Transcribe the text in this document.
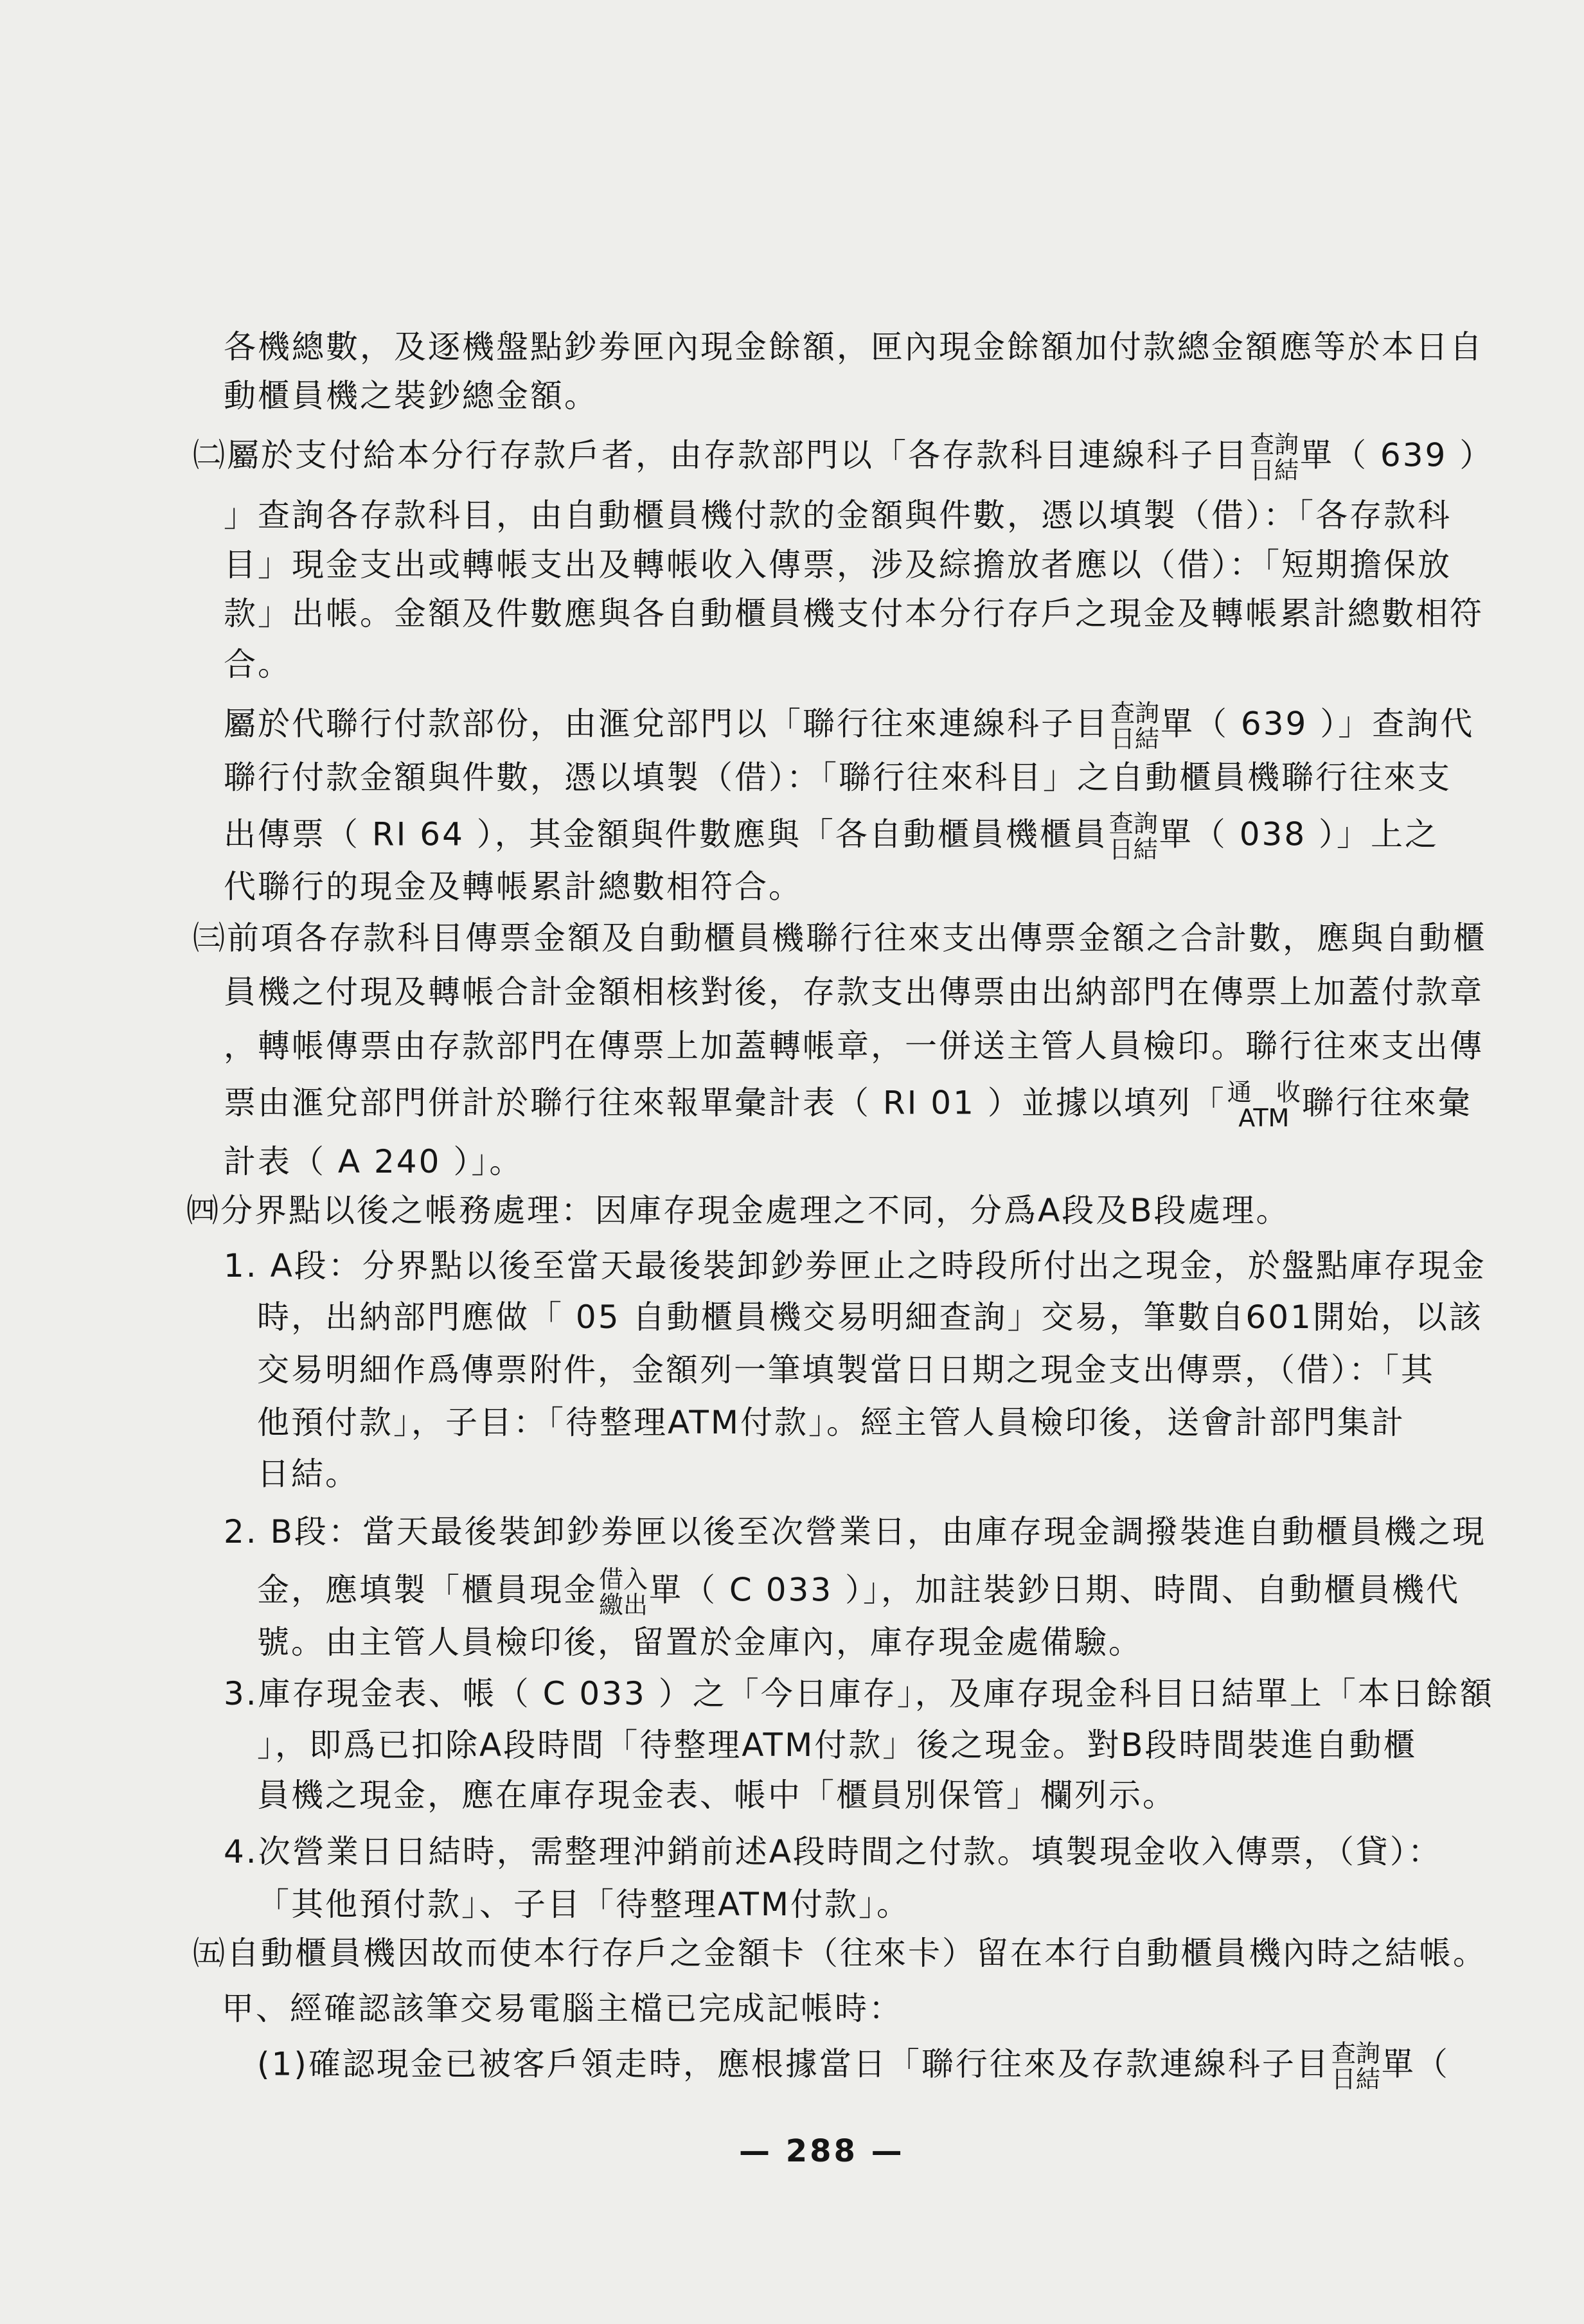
各機總數，及逐機盤點鈔劵匣內現金餘額，匣內現金餘額加付款總金額應等於本日自
動櫃員機之裝鈔總金額。
㈡屬於支付給本分行存款戶者，由存款部門以「各存款科目連線科子目 查詢
日結 單（ 639 ）
」查詢各存款科目，由自動櫃員機付款的金額與件數，憑以填製（借）：「各存款科
目」現金支出或轉帳支出及轉帳收入傳票，涉及綜擔放者應以（借）：「短期擔保放
款」出帳。金額及件數應與各自動櫃員機支付本分行存戶之現金及轉帳累計總數相符
合。
屬於代聯行付款部份，由滙兌部門以「聯行往來連線科子目 查詢
日結 單（ 639 ）」查詢代
聯行付款金額與件數，憑以填製（借）：「聯行往來科目」之自動櫃員機聯行往來支
出傳票（ RI 64 ），其金額與件數應與「各自動櫃員機櫃員 查詢
日結 單（ 038 ）」上之
代聯行的現金及轉帳累計總數相符合。
㈢前項各存款科目傳票金額及自動櫃員機聯行往來支出傳票金額之合計數，應與自動櫃
員機之付現及轉帳合計金額相核對後，存款支出傳票由出納部門在傳票上加蓋付款章
，轉帳傳票由存款部門在傳票上加蓋轉帳章，一併送主管人員檢印。聯行往來支出傳
票由滙兌部門併計於聯行往來報單彙計表（ RI 01 ）並據以填列「 通　收
ATM 聯行往來彙
計表（ A 240 ）」。
㈣分界點以後之帳務處理：因庫存現金處理之不同，分爲A段及B段處理。
1. A段：分界點以後至當天最後裝卸鈔劵匣止之時段所付出之現金，於盤點庫存現金
時，出納部門應做「 05 自動櫃員機交易明細查詢」交易，筆數自601開始，以該
交易明細作爲傳票附件，金額列一筆填製當日日期之現金支出傳票，（借）：「其
他預付款」，子目：「待整理ATM付款」。經主管人員檢印後，送會計部門集計
日結。
2. B段：當天最後裝卸鈔劵匣以後至次營業日，由庫存現金調撥裝進自動櫃員機之現
金，應填製「櫃員現金 借入
繳出 單（ C 033 ）」，加註裝鈔日期、時間、自動櫃員機代
號。由主管人員檢印後，留置於金庫內，庫存現金處備驗。
3.庫存現金表、帳（ C 033 ）之「今日庫存」，及庫存現金科目日結單上「本日餘額
」，即爲已扣除A段時間「待整理ATM付款」後之現金。對B段時間裝進自動櫃
員機之現金，應在庫存現金表、帳中「櫃員別保管」欄列示。
4.次營業日日結時，需整理沖銷前述A段時間之付款。填製現金收入傳票，（貸）：
「其他預付款」、子目「待整理ATM付款」。
㈤自動櫃員機因故而使本行存戶之金額卡（往來卡）留在本行自動櫃員機內時之結帳。
甲、經確認該筆交易電腦主檔已完成記帳時：
(1)確認現金已被客戶領走時，應根據當日「聯行往來及存款連線科子目 查詢
日結 單（
— 288 —
